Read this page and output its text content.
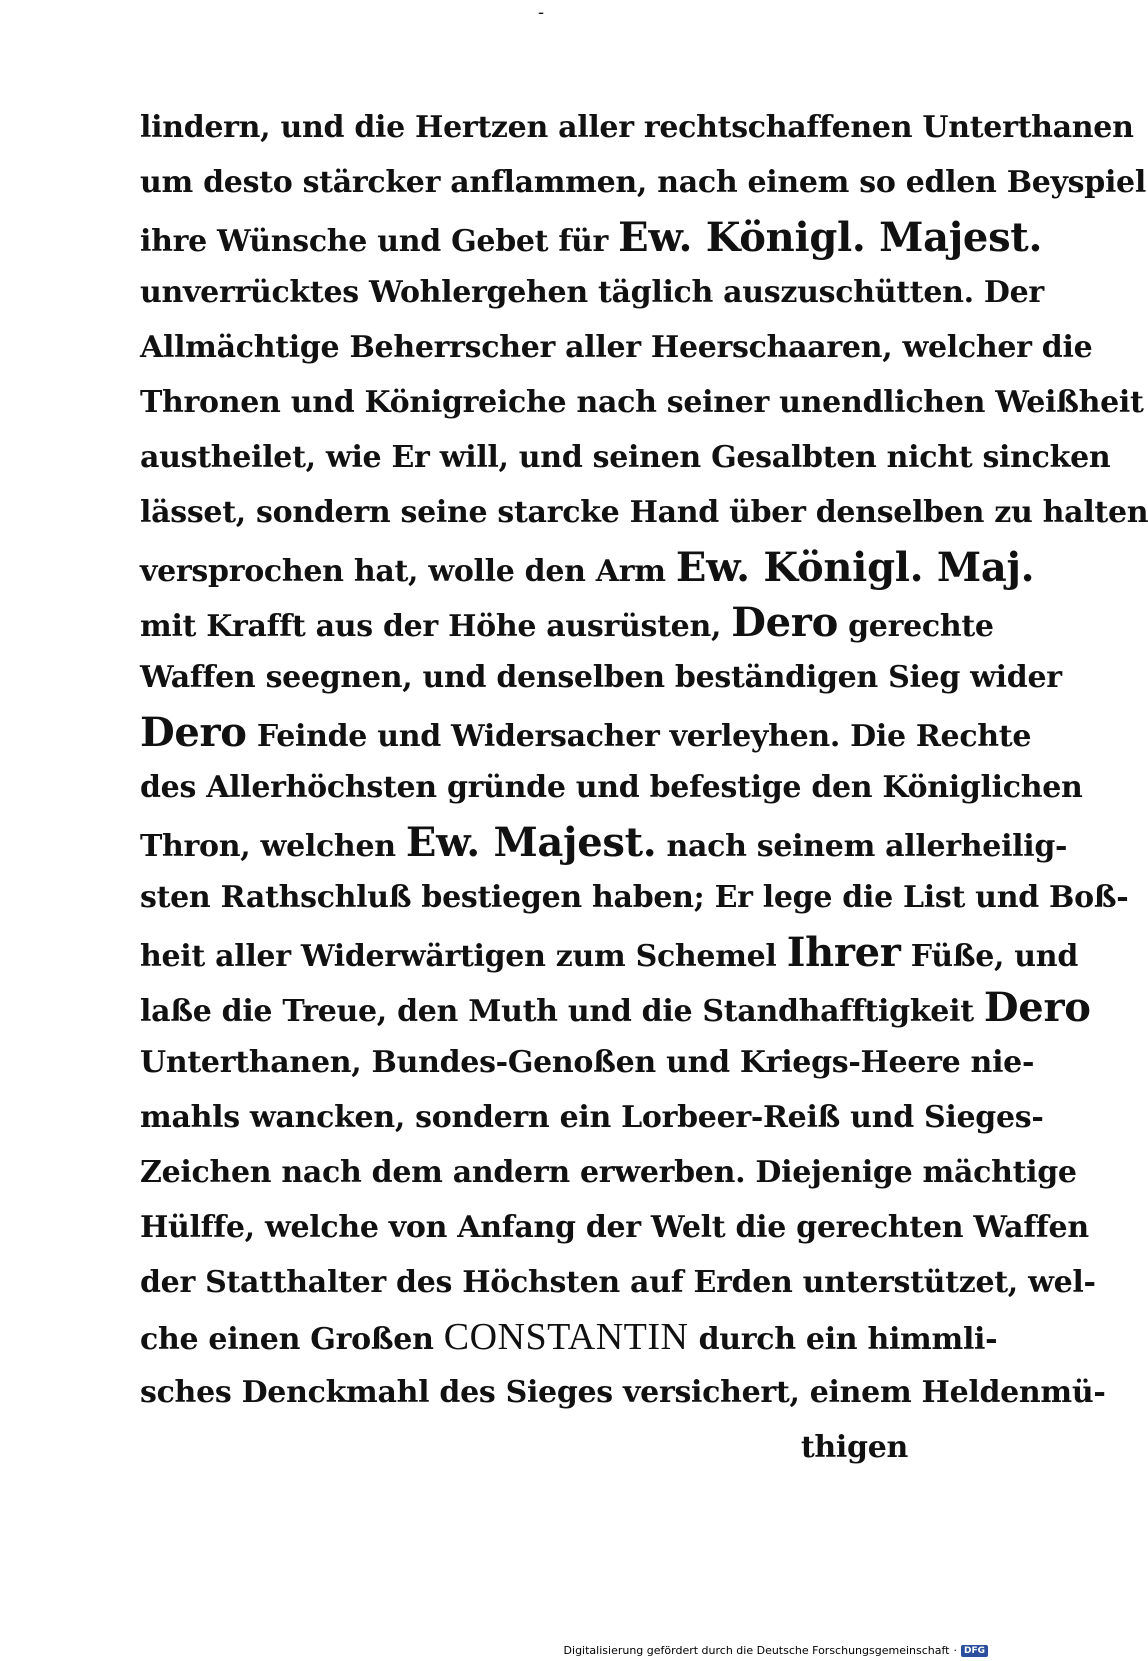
-
lindern, und die Hertzen aller rechtschaffenen Unterthanen
um desto stärcker anflammen, nach einem so edlen Beyspiel
ihre Wünsche und Gebet für Ew. Königl. Majest.
unverrücktes Wohlergehen täglich auszuschütten. Der
Allmächtige Beherrscher aller Heerschaaren, welcher die
Thronen und Königreiche nach seiner unendlichen Weißheit
austheilet, wie Er will, und seinen Gesalbten nicht sincken
lässet, sondern seine starcke Hand über denselben zu halten
versprochen hat, wolle den Arm Ew. Königl. Maj.
mit Krafft aus der Höhe ausrüsten, Dero gerechte
Waffen seegnen, und denselben beständigen Sieg wider
Dero Feinde und Widersacher verleyhen. Die Rechte
des Allerhöchsten gründe und befestige den Königlichen
Thron, welchen Ew. Majest. nach seinem allerheilig-
sten Rathschluß bestiegen haben; Er lege die List und Boß-
heit aller Widerwärtigen zum Schemel Ihrer Füße, und
laße die Treue, den Muth und die Standhafftigkeit Dero
Unterthanen, Bundes-Genoßen und Kriegs-Heere nie-
mahls wancken, sondern ein Lorbeer-Reiß und Sieges-
Zeichen nach dem andern erwerben. Diejenige mächtige
Hülffe, welche von Anfang der Welt die gerechten Waffen
der Statthalter des Höchsten auf Erden unterstützet, wel-
che einen Großen CONSTANTIN durch ein himmli-
sches Denckmahl des Sieges versichert, einem Heldenmü-
thigen
Digitalisierung gefördert durch die Deutsche Forschungsgemeinschaft · DFG
